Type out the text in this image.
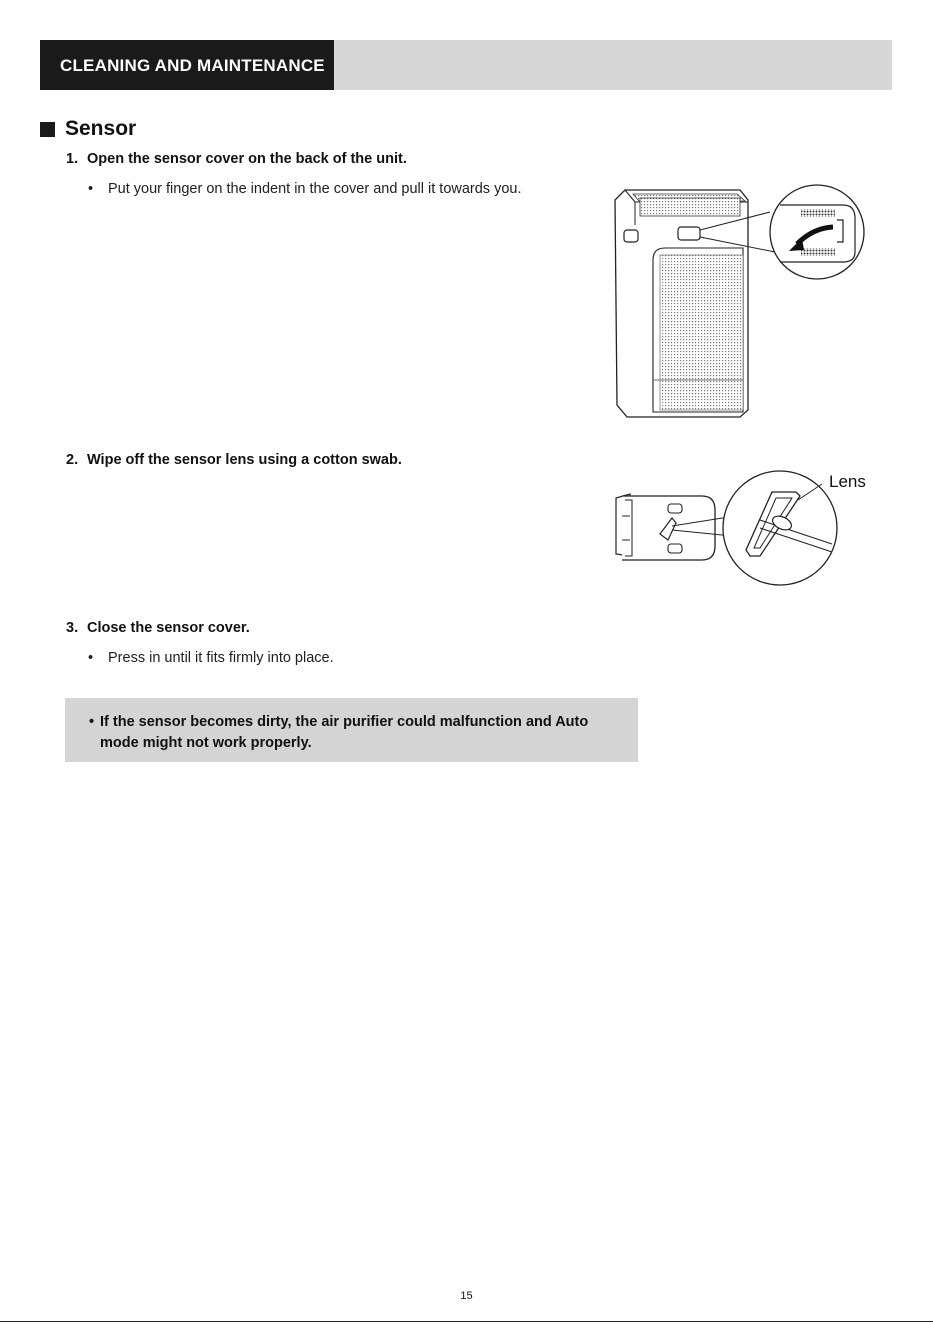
CLEANING AND MAINTENANCE
Sensor
1. Open the sensor cover on the back of the unit.
• Put your finger on the indent in the cover and pull it towards you.
2. Wipe off the sensor lens using a cotton swab.
Lens
3. Close the sensor cover.
• Press in until it fits firmly into place.
• If the sensor becomes dirty, the air purifier could malfunction and Auto mode might not work properly.
15
